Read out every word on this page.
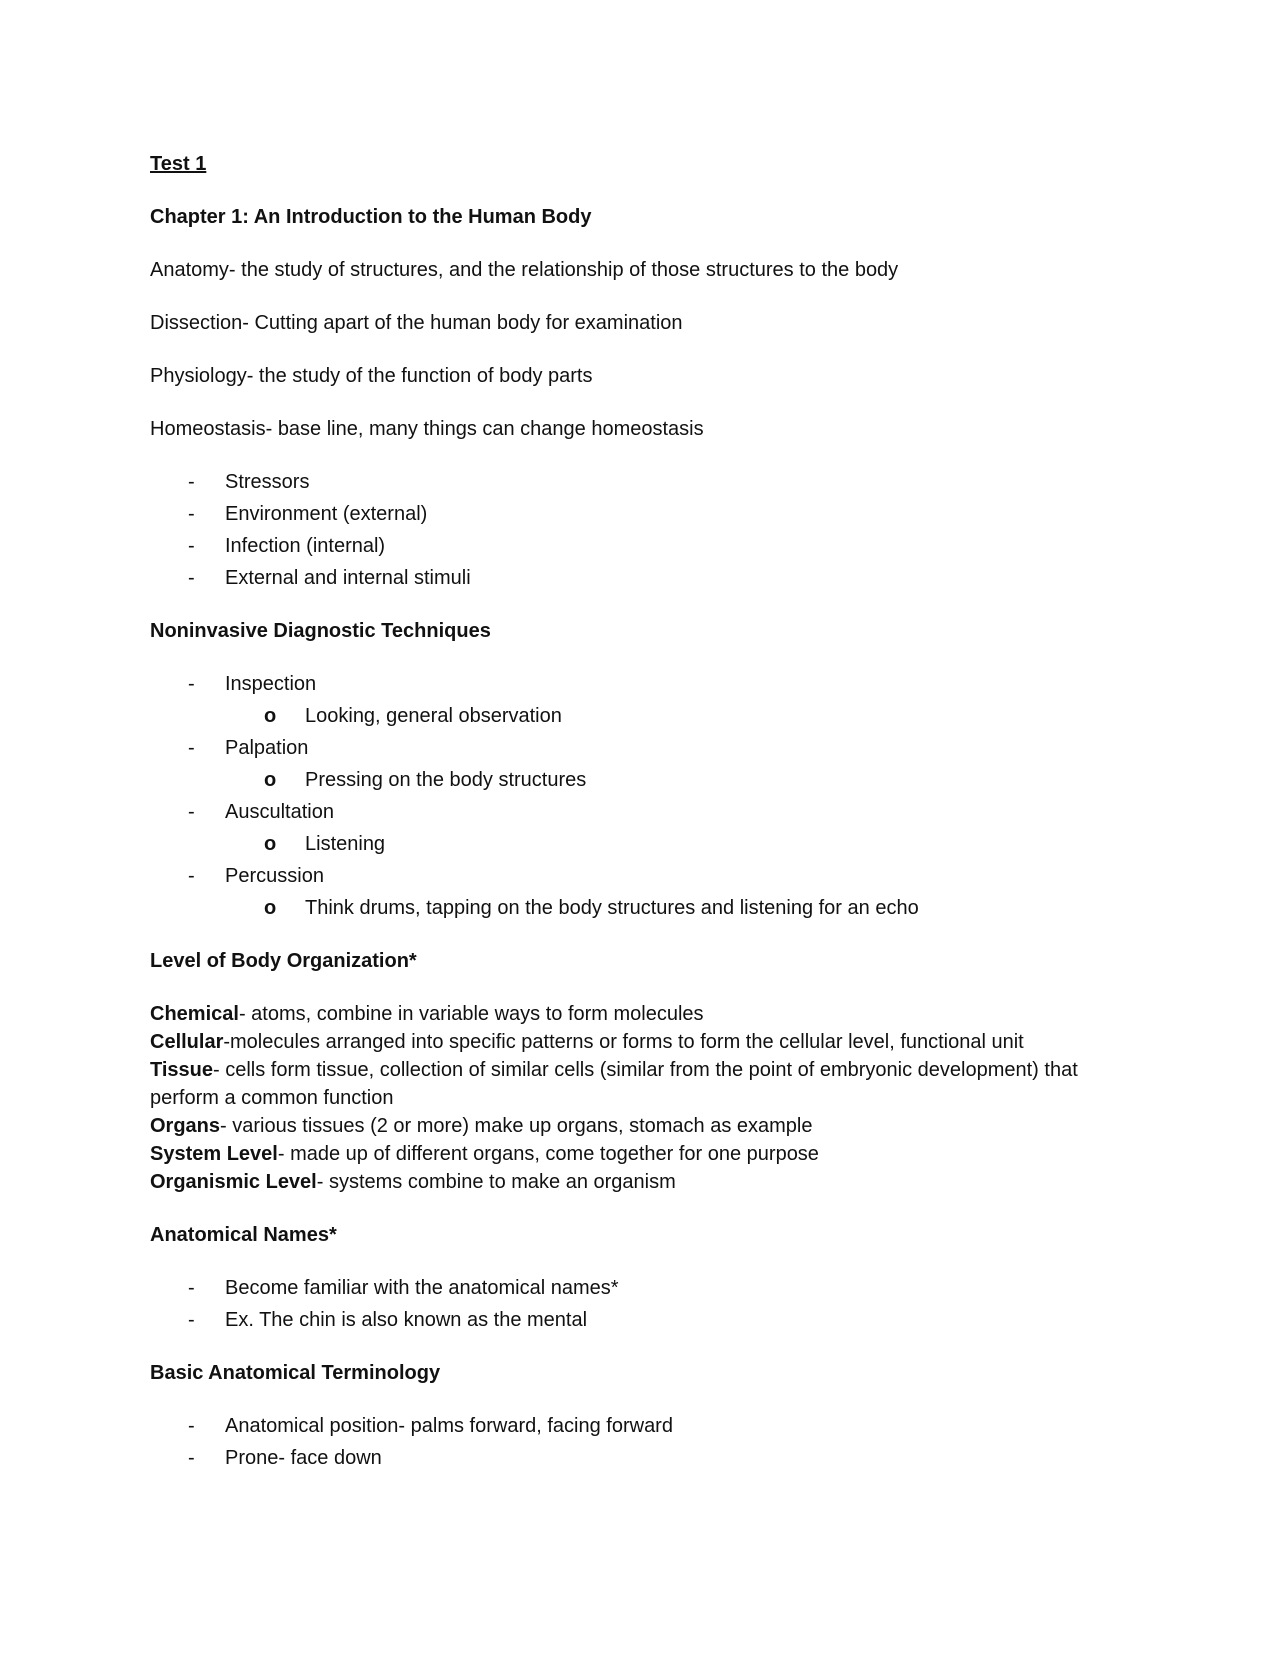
Test 1

Chapter 1: An Introduction to the Human Body

Anatomy- the study of structures, and the relationship of those structures to the body

Dissection- Cutting apart of the human body for examination

Physiology- the study of the function of body parts

Homeostasis- base line, many things can change homeostasis

- Stressors
- Environment (external)
- Infection (internal)
- External and internal stimuli

Noninvasive Diagnostic Techniques

- Inspection
o Looking, general observation
- Palpation
o Pressing on the body structures
- Auscultation
o Listening
- Percussion
o Think drums, tapping on the body structures and listening for an echo

Level of Body Organization*

Chemical- atoms, combine in variable ways to form molecules
Cellular-molecules arranged into specific patterns or forms to form the cellular level, functional unit
Tissue- cells form tissue, collection of similar cells (similar from the point of embryonic development) that perform a common function
Organs- various tissues (2 or more) make up organs, stomach as example
System Level- made up of different organs, come together for one purpose
Organismic Level- systems combine to make an organism

Anatomical Names*

- Become familiar with the anatomical names*
- Ex. The chin is also known as the mental

Basic Anatomical Terminology

- Anatomical position- palms forward, facing forward
- Prone- face down
